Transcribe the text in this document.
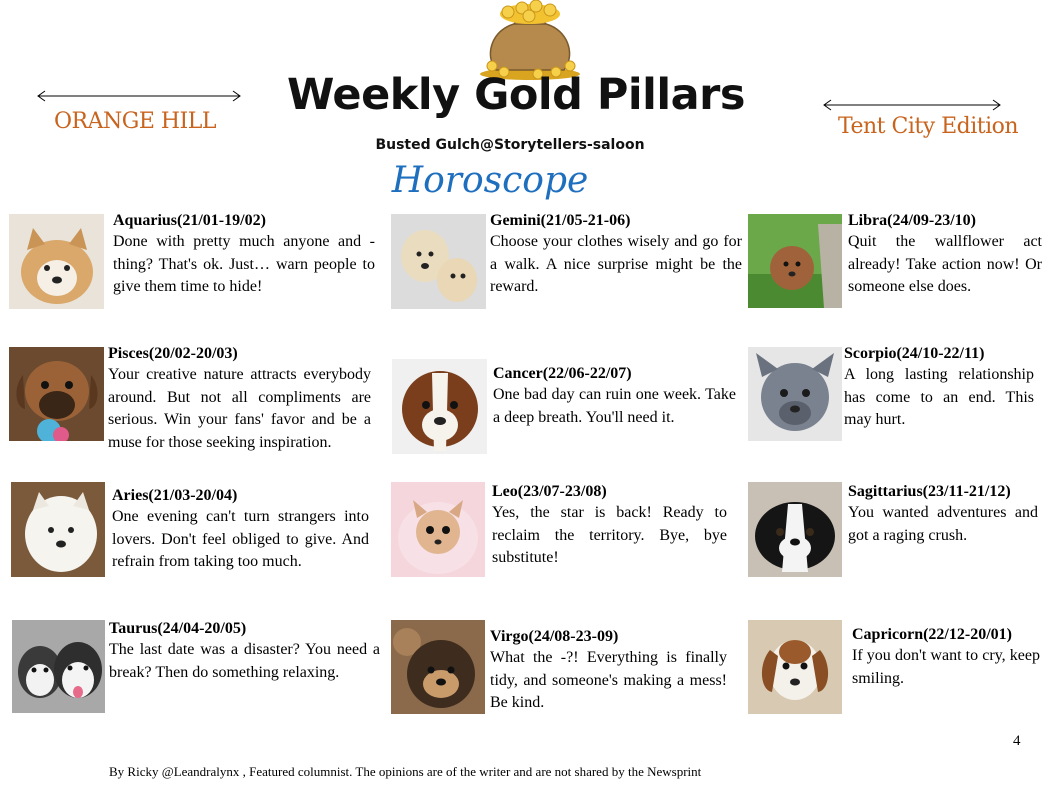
ORANGE HILL	Tent City Edition
Weekly Gold Pillars
Busted Gulch@Storytellers-saloon
Horoscope
Aquarius(21/01-19/02)
Done with pretty much anyone and -thing? That's ok. Just… warn people to give them time to hide!
Pisces(20/02-20/03)
Your creative nature attracts everybody around. But not all compliments are serious. Win your fans' favor and be a muse for those seeking inspiration.
Aries(21/03-20/04)
One evening can't turn strangers into lovers. Don't feel obliged to give. And refrain from taking too much.
Taurus(24/04-20/05)
The last date was a disaster? You need a break? Then do something relaxing.
Gemini(21/05-21-06)
Choose your clothes wisely and go for a walk. A nice surprise might be the reward.
Cancer(22/06-22/07)
One bad day can ruin one week. Take a deep breath. You'll need it.
Leo(23/07-23/08)
Yes, the star is back! Ready to reclaim the territory. Bye, bye substitute!
Virgo(24/08-23-09)
What the -?! Everything is finally tidy, and someone's making a mess! Be kind.
Libra(24/09-23/10)
Quit the wallflower act already! Take action now! Or someone else does.
Scorpio(24/10-22/11)
A long lasting relationship has come to an end. This may hurt.
Sagittarius(23/11-21/12)
You wanted adventures and got a raging crush.
Capricorn(22/12-20/01)
If you don't want to cry, keep smiling.
4
By Ricky @Leandralynx , Featured columnist. The opinions are of the writer and are not shared by the Newsprint
